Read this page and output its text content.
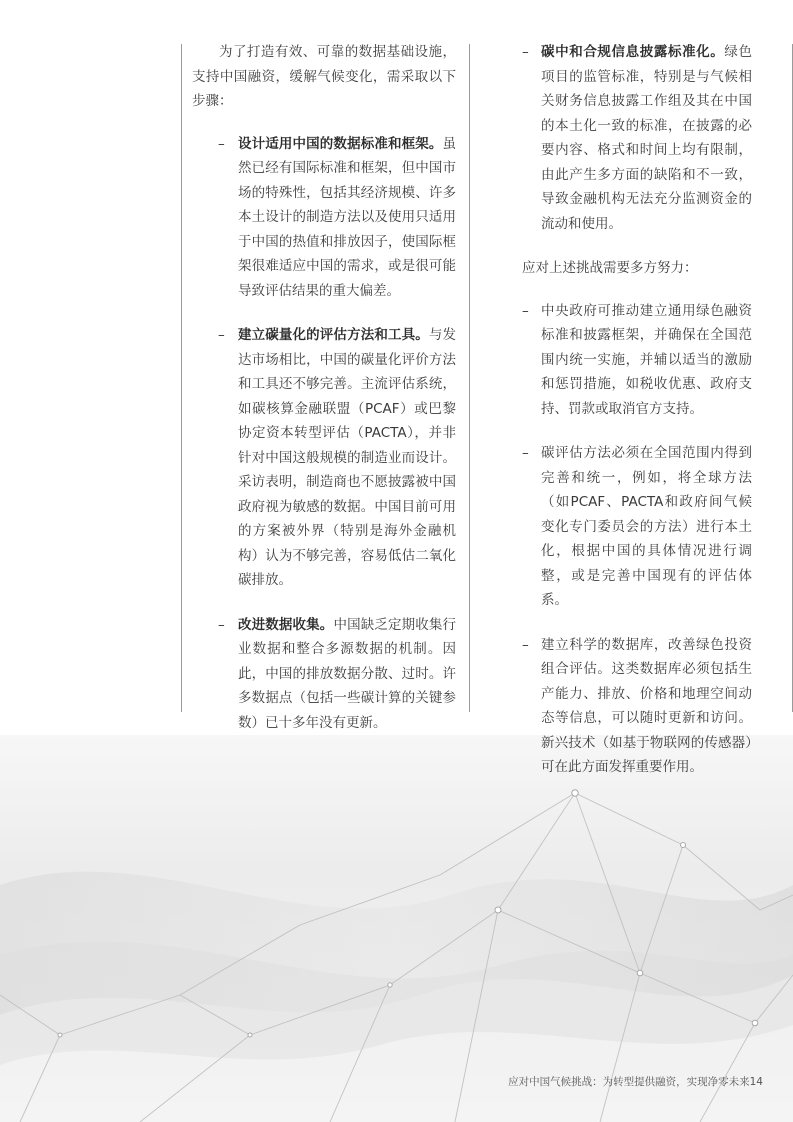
为了打造有效、可靠的数据基础设施，支持中国融资，缓解气候变化，需采取以下步骤：

– 设计适用中国的数据标准和框架。虽然已经有国际标准和框架，但中国市场的特殊性，包括其经济规模、许多本土设计的制造方法以及使用只适用于中国的热值和排放因子，使国际框架很难适应中国的需求，或是很可能导致评估结果的重大偏差。
– 建立碳量化的评估方法和工具。与发达市场相比，中国的碳量化评价方法和工具还不够完善。主流评估系统，如碳核算金融联盟（PCAF）或巴黎协定资本转型评估（PACTA），并非针对中国这般规模的制造业而设计。采访表明，制造商也不愿披露被中国政府视为敏感的数据。中国目前可用的方案被外界（特别是海外金融机构）认为不够完善，容易低估二氧化碳排放。
– 改进数据收集。中国缺乏定期收集行业数据和整合多源数据的机制。因此，中国的排放数据分散、过时。许多数据点（包括一些碳计算的关键参数）已十多年没有更新。
– 碳中和合规信息披露标准化。绿色项目的监管标准，特别是与气候相关财务信息披露工作组及其在中国的本土化一致的标准，在披露的必要内容、格式和时间上均有限制，由此产生多方面的缺陷和不一致，导致金融机构无法充分监测资金的流动和使用。

应对上述挑战需要多方努力：

– 中央政府可推动建立通用绿色融资标准和披露框架，并确保在全国范围内统一实施，并辅以适当的激励和惩罚措施，如税收优惠、政府支持、罚款或取消官方支持。
– 碳评估方法必须在全国范围内得到完善和统一，例如，将全球方法（如PCAF、PACTA和政府间气候变化专门委员会的方法）进行本土化，根据中国的具体情况进行调整，或是完善中国现有的评估体系。
– 建立科学的数据库，改善绿色投资组合评估。这类数据库必须包括生产能力、排放、价格和地理空间动态等信息，可以随时更新和访问。新兴技术（如基于物联网的传感器）可在此方面发挥重要作用。
应对中国气候挑战：为转型提供融资，实现净零未来14
